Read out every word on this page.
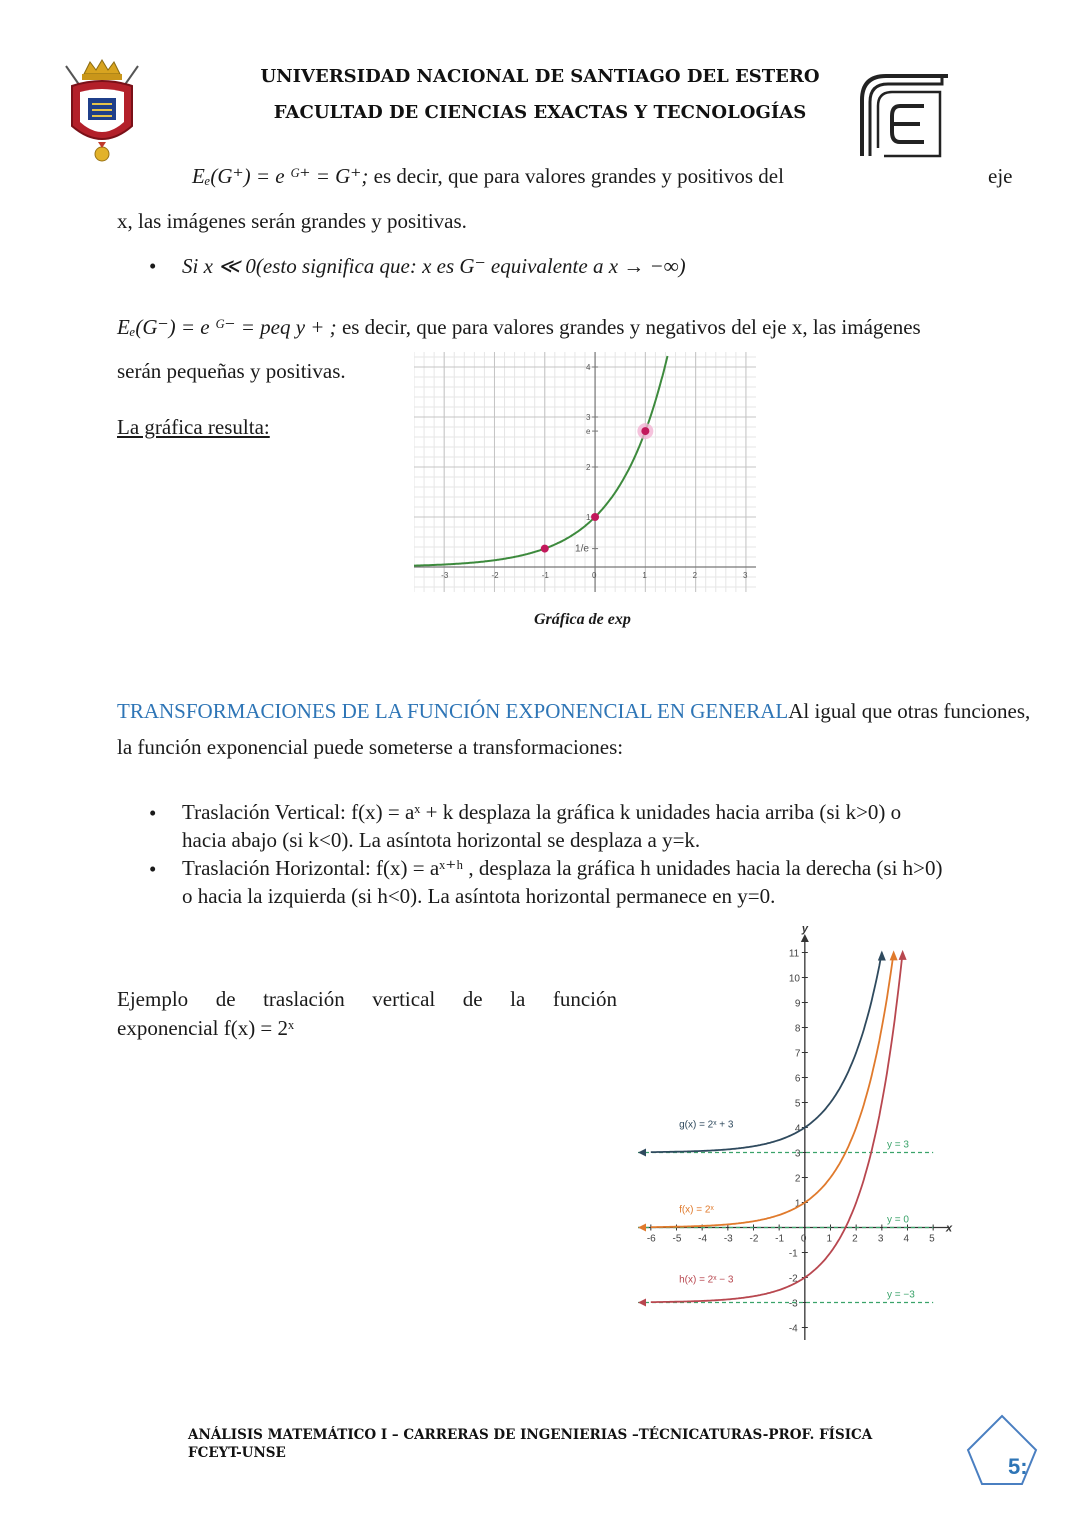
UNIVERSIDAD NACIONAL DE SANTIAGO DEL ESTERO
FACULTAD DE CIENCIAS EXACTAS Y TECNOLOGÍAS
Eₑ(G⁺) = e ᴳ⁺ = G⁺; es decir, que para valores grandes y positivos del	eje
x, las imágenes serán grandes y positivas.
• Si x ≪ 0(esto significa que: x es G⁻ equivalente a x → −∞)
Eₑ(G⁻) = e ᴳ⁻ = peq y + ; es decir, que para valores grandes y negativos del eje x, las imágenes
serán pequeñas y positivas.
La gráfica resulta:
-3	-2	-1	0	1	2	3
1/e
1
2
e
3
4
Gráfica de exp
TRANSFORMACIONES DE LA FUNCIÓN EXPONENCIAL EN GENERALAl igual que otras funciones,
la función exponencial puede someterse a transformaciones:
• Traslación Vertical: f(x) = aˣ + k desplaza la gráfica k unidades hacia arriba (si k>0) o
hacia abajo (si k<0). La asíntota horizontal se desplaza a y=k.
• Traslación Horizontal: f(x) = aˣ⁺ʰ , desplaza la gráfica h unidades hacia la derecha (si h>0)
o hacia la izquierda (si h<0). La asíntota horizontal permanece en y=0.
Ejemplo de traslación vertical de la función
exponencial f(x) = 2ˣ
x
y
-6 -5 -4 -3 -2 -1 0 1 2 3 4 5
-4
-3
-2
-1
1
2
3
4
5
6
7
8
9
10
11
y = 3
y = 0
y = −3
g(x) = 2ˣ + 3
f(x) = 2ˣ
h(x) = 2ˣ − 3
ANÁLISIS MATEMÁTICO I – CARRERAS DE INGENIERIAS –TÉCNICATURAS-PROF. FÍSICA
FCEYT-UNSE
5:
